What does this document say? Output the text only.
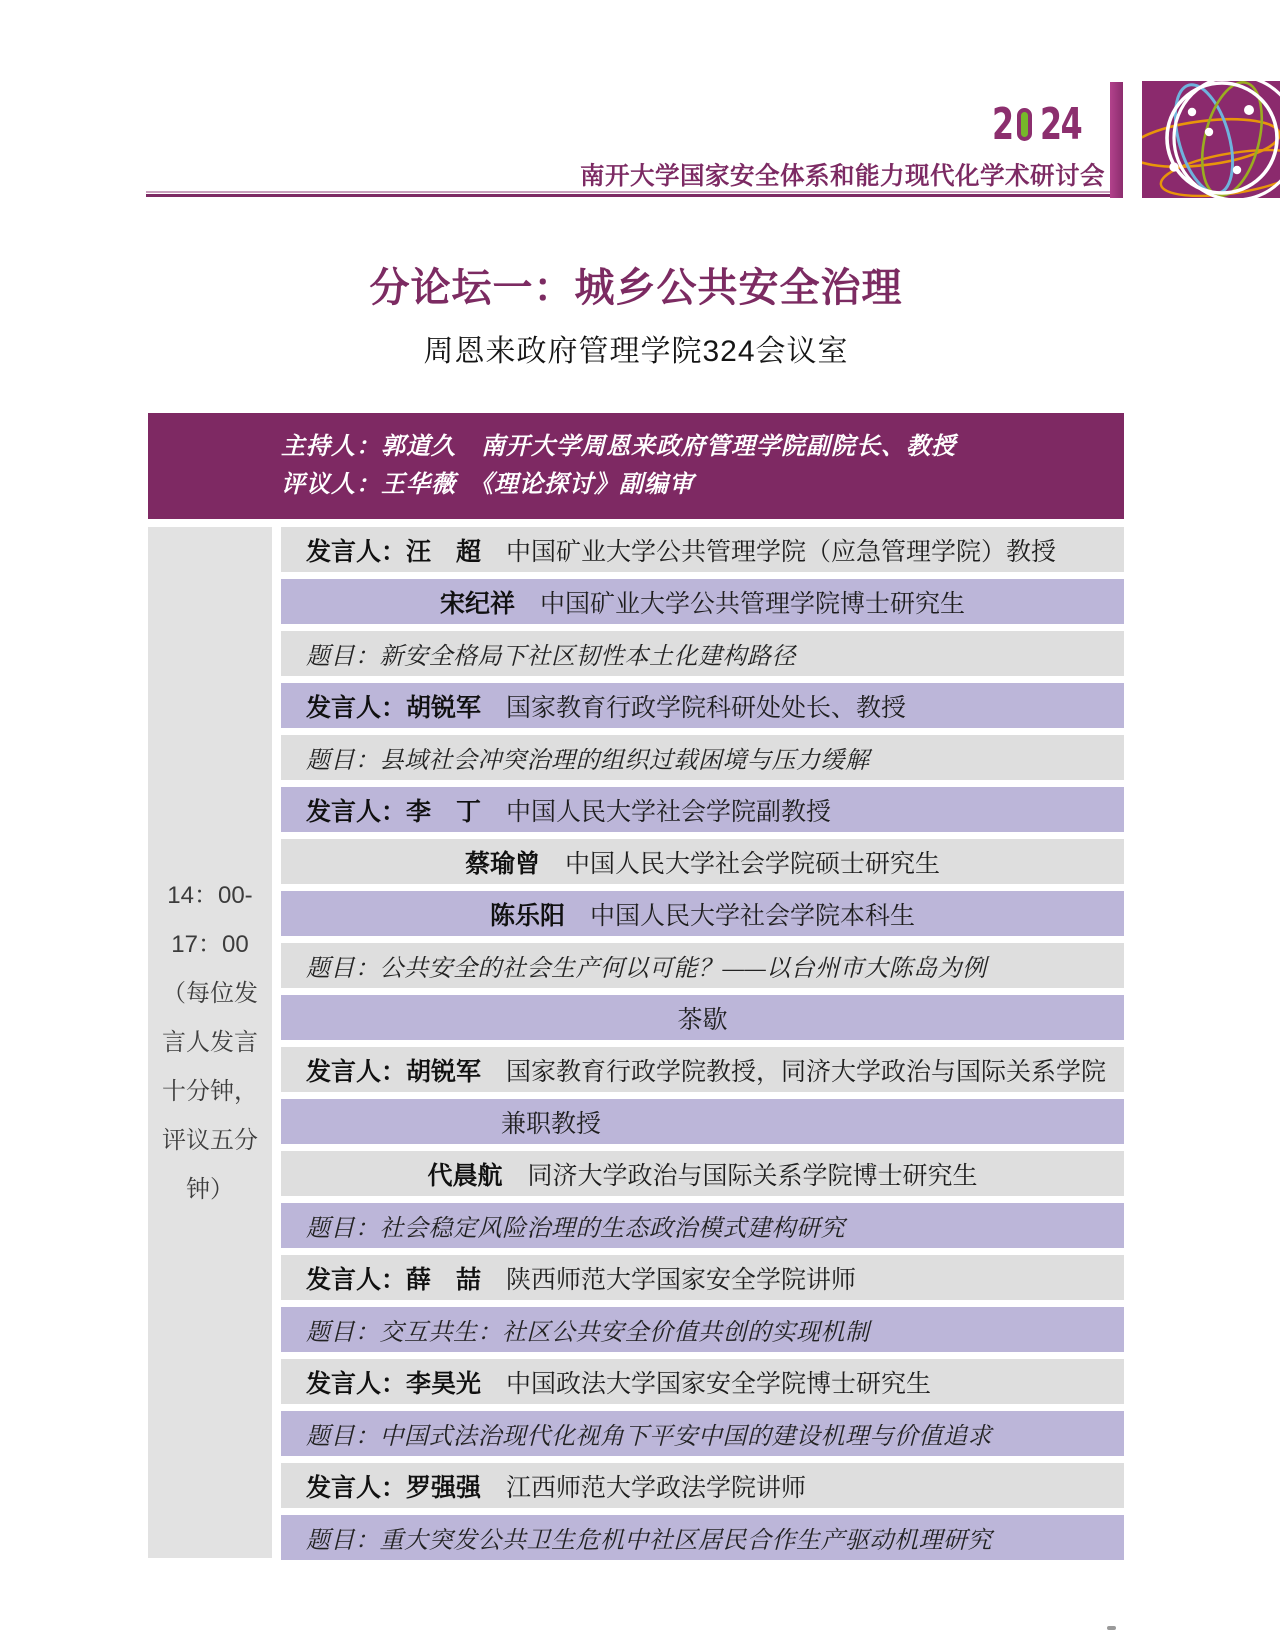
2 24
南开大学国家安全体系和能力现代化学术研讨会
分论坛一：城乡公共安全治理
周恩来政府管理学院324会议室
主持人：郭道久　南开大学周恩来政府管理学院副院长、教授
评议人：王华薇　《理论探讨》副编审
14：00-
17：00
（每位发
言人发言
十分钟，
评议五分
钟）
发言人：汪　超 　中国矿业大学公共管理学院（应急管理学院）教授
宋纪祥 　中国矿业大学公共管理学院博士研究生
题目：新安全格局下社区韧性本土化建构路径
发言人：胡锐军 　国家教育行政学院科研处处长、教授
题目：县域社会冲突治理的组织过载困境与压力缓解
发言人：李　丁 　中国人民大学社会学院副教授
蔡瑜曾 　中国人民大学社会学院硕士研究生
陈乐阳 　中国人民大学社会学院本科生
题目：公共安全的社会生产何以可能？——以台州市大陈岛为例
茶歇
发言人：胡锐军 　国家教育行政学院教授，同济大学政治与国际关系学院
兼职教授
代晨航 　同济大学政治与国际关系学院博士研究生
题目：社会稳定风险治理的生态政治模式建构研究
发言人：薛　喆 　陕西师范大学国家安全学院讲师
题目：交互共生：社区公共安全价值共创的实现机制
发言人：李昊光 　中国政法大学国家安全学院博士研究生
题目：中国式法治现代化视角下平安中国的建设机理与价值追求
发言人：罗强强 　江西师范大学政法学院讲师
题目：重大突发公共卫生危机中社区居民合作生产驱动机理研究
